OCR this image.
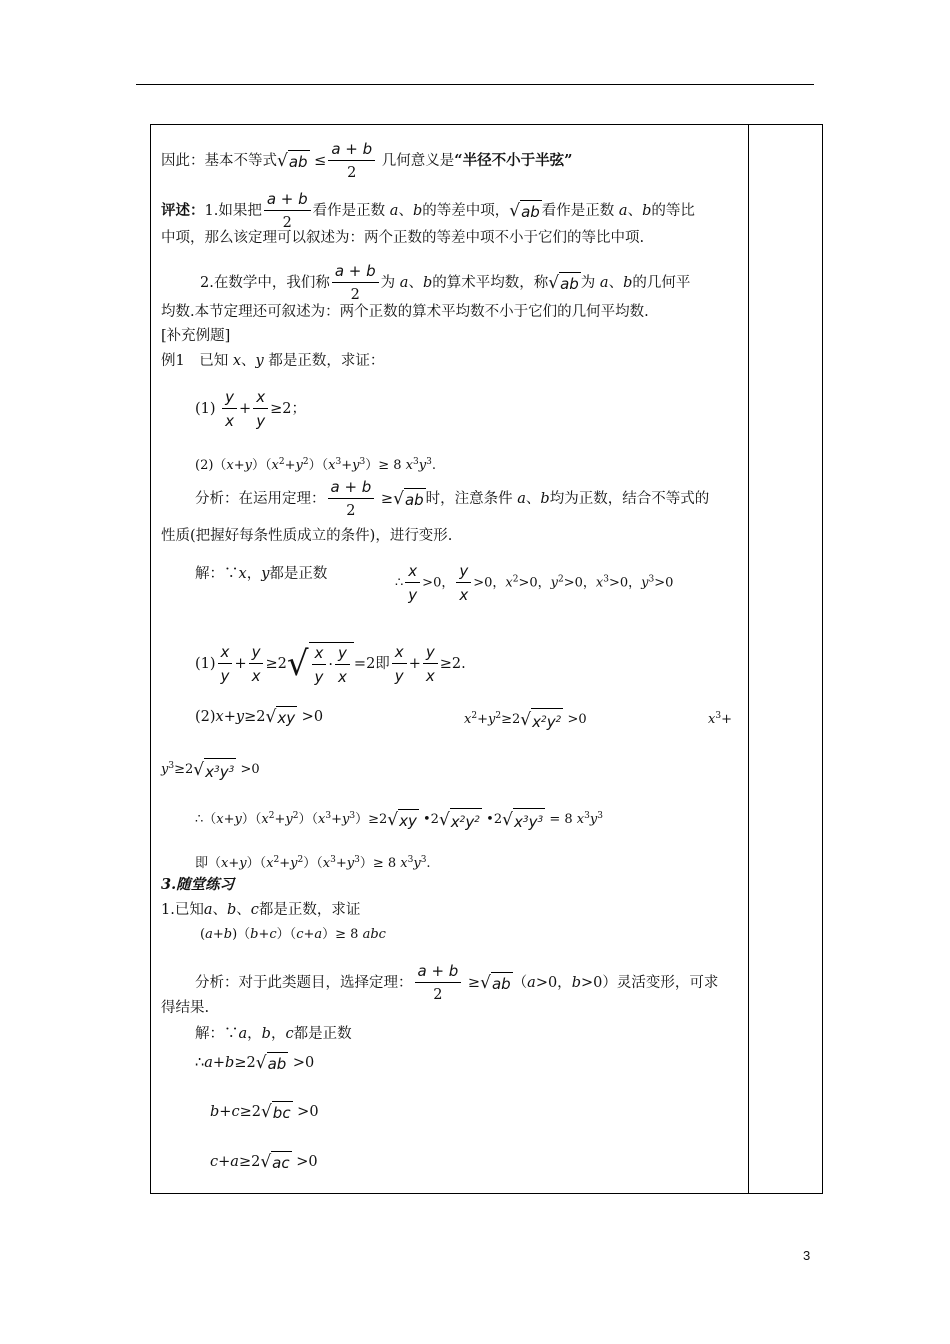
因此：基本不等式$√ab \le \frac{a + b}{2}$ 几何意义是“半径不小于半弦”
评述：1.如果把 $\frac{a + b}{2}$ 看作是正数 a、b的等差中项，√ab 看作是正数 a、b的等比
中项，那么该定理可以叙述为：两个正数的等差中项不小于它们的等比中项.
2.在数学中，我们称 $\frac{a + b}{2}$ 为 a、b的算术平均数，称√ab 为 a、b的几何平
均数.本节定理还可叙述为：两个正数的算术平均数不小于它们的几何平均数.
[补充例题]
例1　已知 x、y 都是正数，求证：
$(1) \frac{y}{x} + \frac{x}{y} \ge 2$；
$(2)(x+y)(x^2+y^2)(x^3+y^3)\ge 8$ $x^3y^3$.
分析：在运用定理： $\frac{a + b}{2} \ge√ab$ 时，注意条件 a、b均为正数，结合不等式的
性质(把握好每条性质成立的条件)，进行变形.
解：∵x，y都是正数
∴ $\frac{x}{y} >0$， $\frac{y}{x} >0$，$x^2>0$，$y^2>0$，$x^3>0$，$y^3>0$
$(1) \frac{x}{y} + \frac{y}{x} \ge 2√ \frac{x}{y} \cdot \frac{y}{x} =2$即 $\frac{x}{y} + \frac{y}{x} \ge 2$.
(2)x+y≥2√xy >0	$x^2+y^2\ge 2√x^2y^2 >0$	$x^3+$
$y^3\ge 2√x^3y^3 >0$
$\therefore(x+y)(x^2+y^2)(x^3+y^3)\ge 2√xy$ $•2√x^2y^2$ $•2√x^3y^3 = 8$ $x^3y^3$
即$(x+y)(x^2+y^2)(x^3+y^3)\ge 8$ $x^3y^3$.
3.随堂练习
1.已知a、b、c都是正数，求证
(a+b)（b+c）（c+a）≥ 8 abc
分析：对于此类题目，选择定理： $\frac{a + b}{2} \ge√ab$ （a>0，b>0）灵活变形，可求
得结果.
解：∵a，b，c都是正数
∴a+b≥2√ab >0
b+c≥2√bc >0
c+a≥2√ac >0
3
